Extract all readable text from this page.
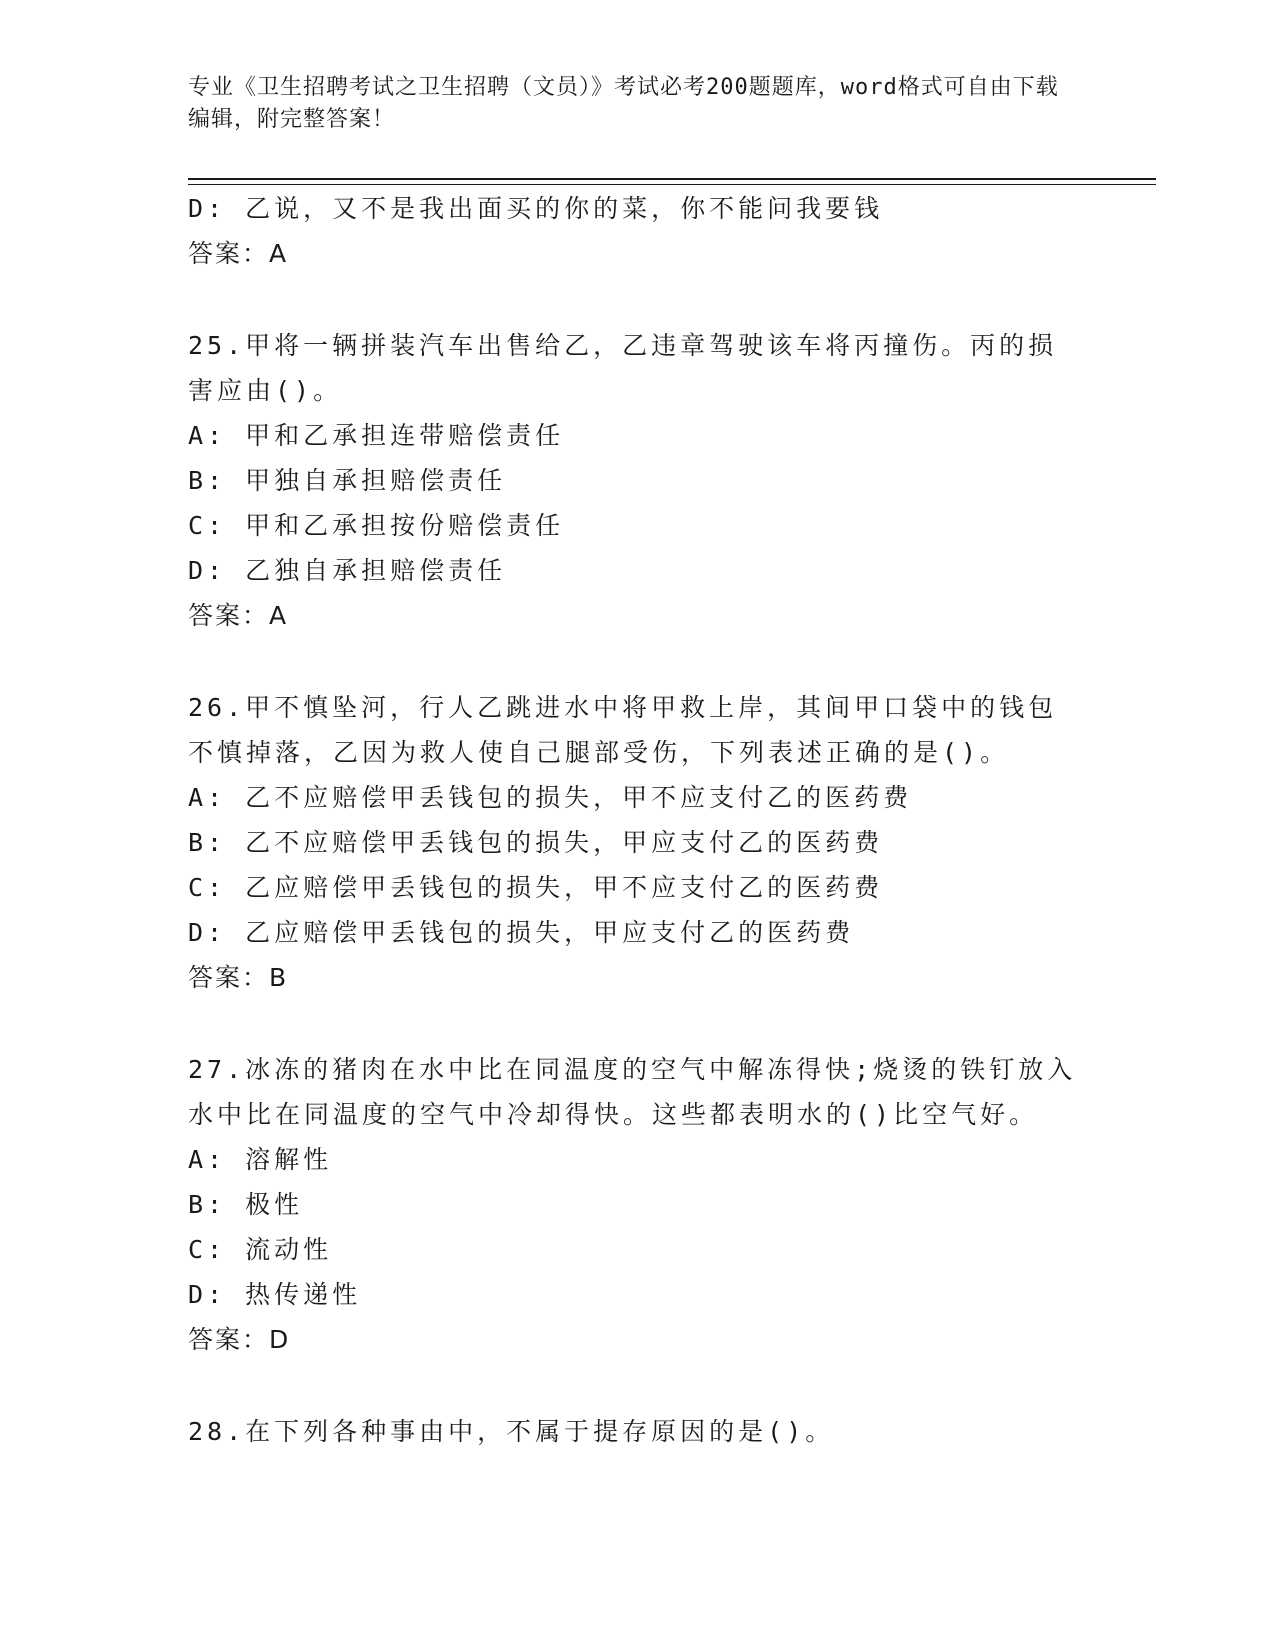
专业《卫生招聘考试之卫生招聘（文员）》考试必考200题题库，word格式可自由下载编辑，附完整答案！
D: 乙说，又不是我出面买的你的菜，你不能问我要钱
答案：A
25.甲将一辆拼装汽车出售给乙，乙违章驾驶该车将丙撞伤。丙的损害应由()。
A: 甲和乙承担连带赔偿责任
B: 甲独自承担赔偿责任
C: 甲和乙承担按份赔偿责任
D: 乙独自承担赔偿责任
答案：A
26.甲不慎坠河，行人乙跳进水中将甲救上岸，其间甲口袋中的钱包不慎掉落，乙因为救人使自己腿部受伤，下列表述正确的是()。
A: 乙不应赔偿甲丢钱包的损失，甲不应支付乙的医药费
B: 乙不应赔偿甲丢钱包的损失，甲应支付乙的医药费
C: 乙应赔偿甲丢钱包的损失，甲不应支付乙的医药费
D: 乙应赔偿甲丢钱包的损失，甲应支付乙的医药费
答案：B
27.冰冻的猪肉在水中比在同温度的空气中解冻得快;烧烫的铁钉放入水中比在同温度的空气中冷却得快。这些都表明水的()比空气好。
A: 溶解性
B: 极性
C: 流动性
D: 热传递性
答案：D
28.在下列各种事由中，不属于提存原因的是()。
